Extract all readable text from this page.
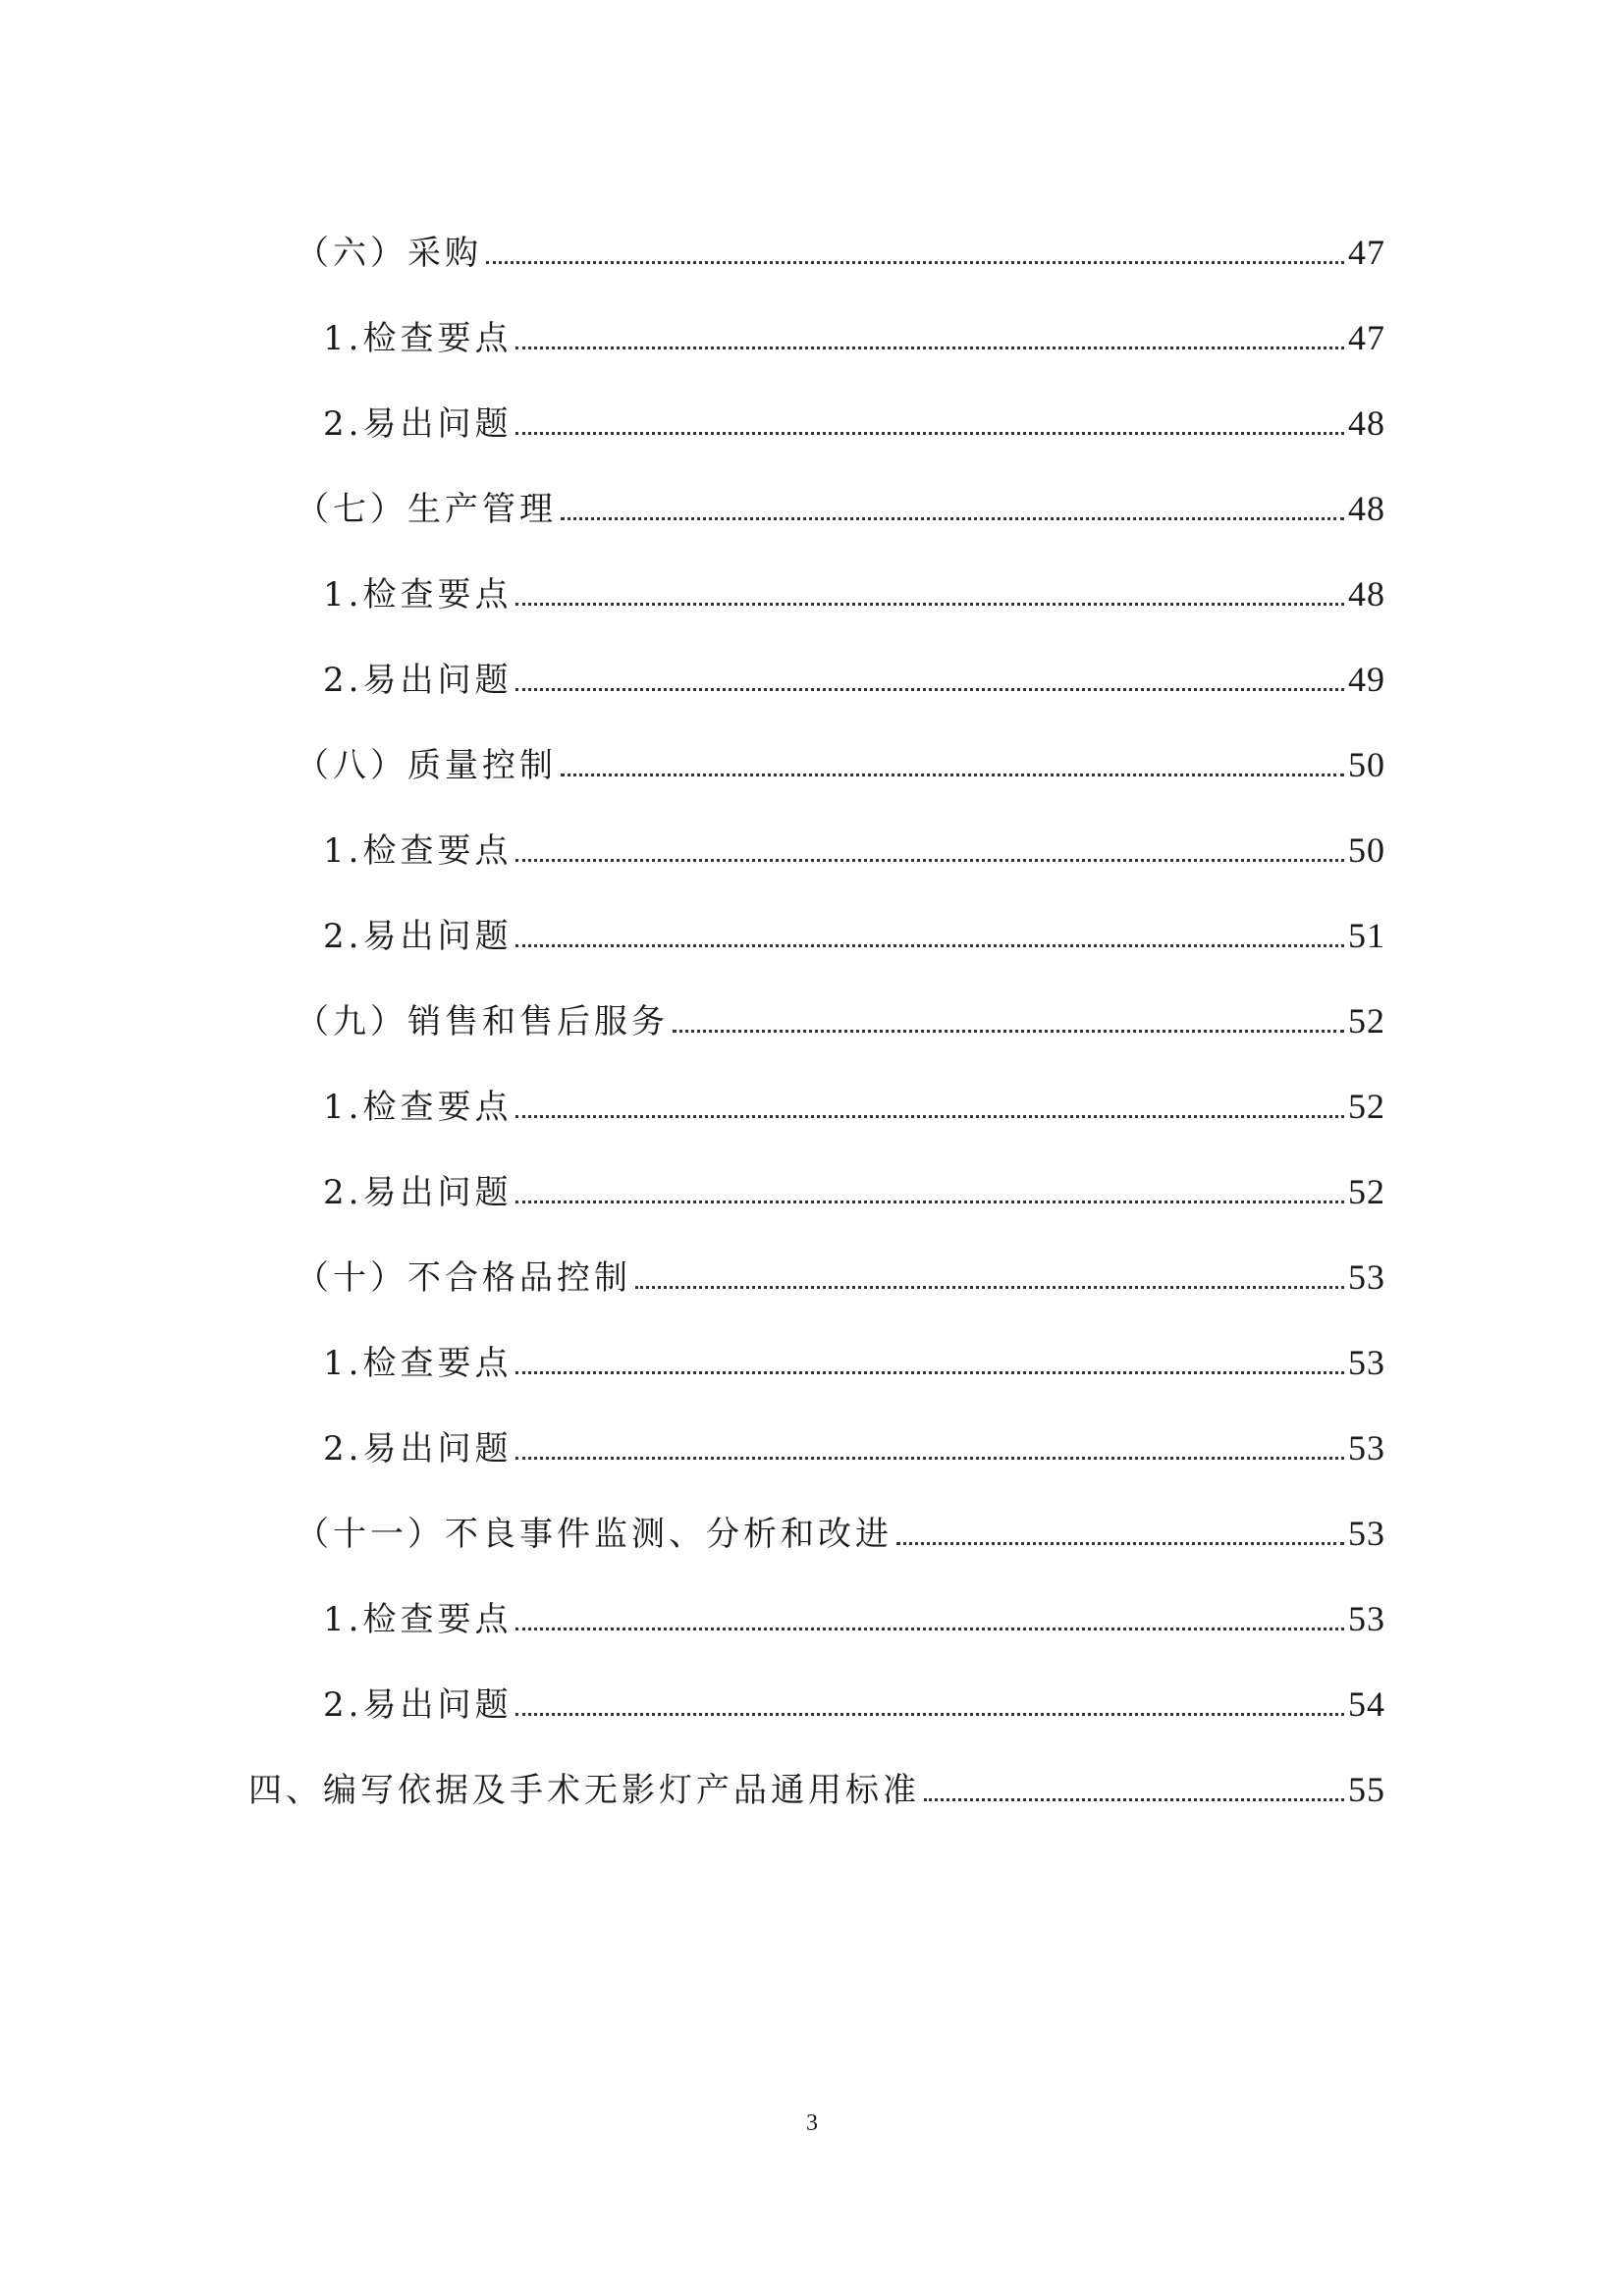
（六）采购	47
1.检查要点	47
2.易出问题	48
（七）生产管理	48
1.检查要点	48
2.易出问题	49
（八）质量控制	50
1.检查要点	50
2.易出问题	51
（九）销售和售后服务	52
1.检查要点	52
2.易出问题	52
（十）不合格品控制	53
1.检查要点	53
2.易出问题	53
（十一）不良事件监测、分析和改进	53
1.检查要点	53
2.易出问题	54
四、编写依据及手术无影灯产品通用标准	55
3
